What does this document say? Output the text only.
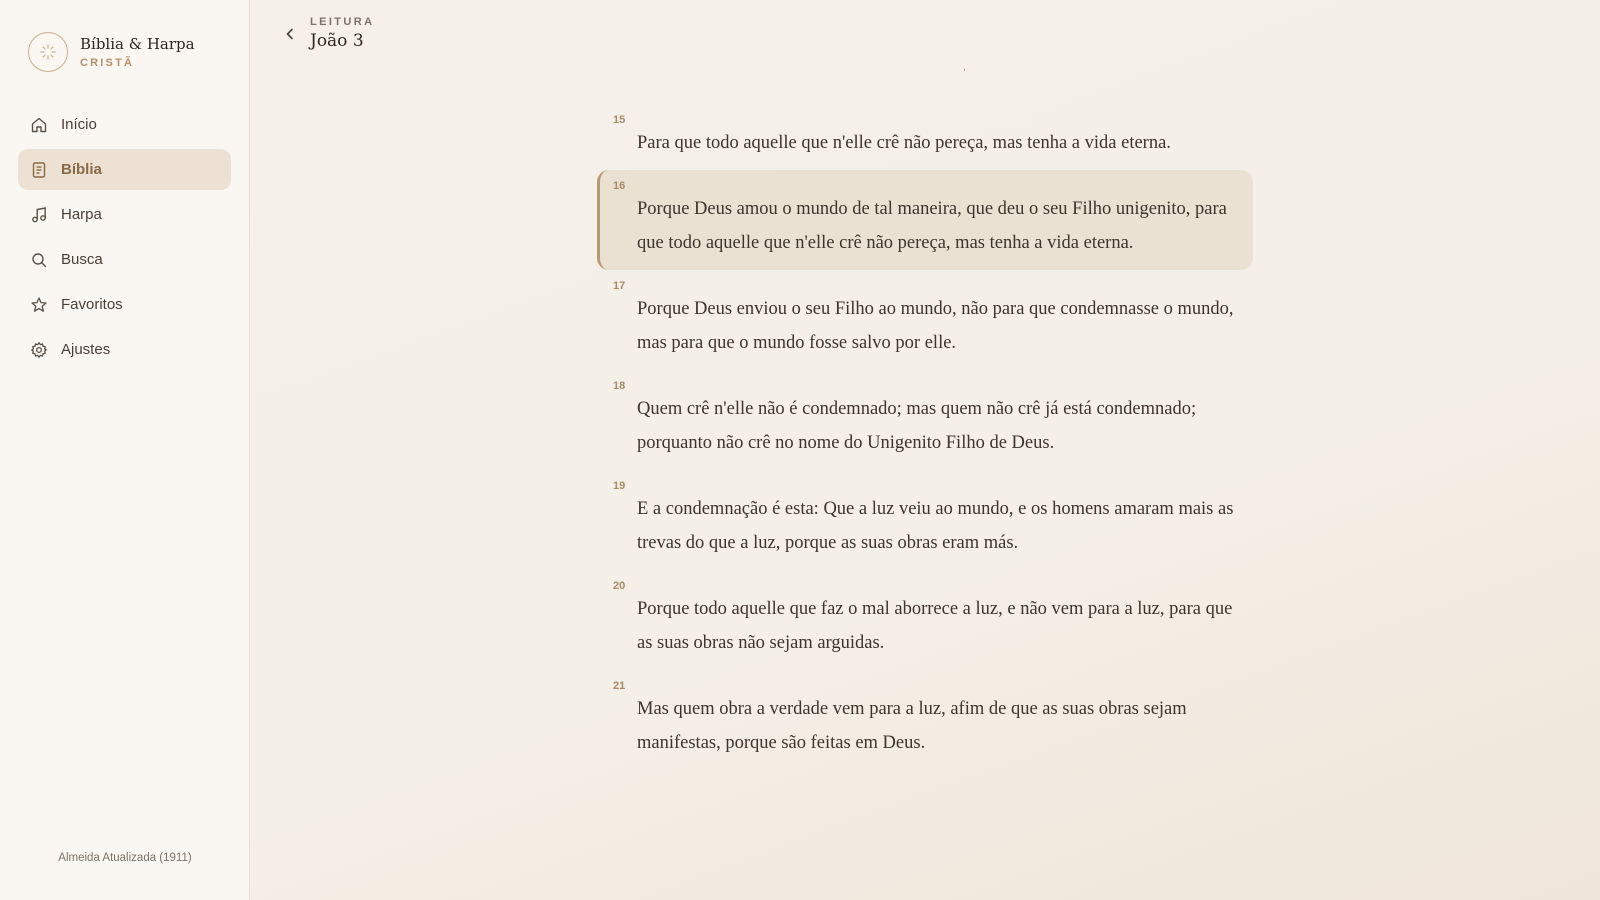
Bíblia & Harpa
CRISTÃ
Início
Bíblia
Harpa
Busca
Favoritos
Ajustes
Almeida Atualizada (1911)
LEITURA
João 3
,
15
Para que todo aquelle que n'elle crê não pereça, mas tenha a vida eterna.
16
Porque Deus amou o mundo de tal maneira, que deu o seu Filho unigenito, para que todo aquelle que n'elle crê não pereça, mas tenha a vida eterna.
17
Porque Deus enviou o seu Filho ao mundo, não para que condemnasse o mundo, mas para que o mundo fosse salvo por elle.
18
Quem crê n'elle não é condemnado; mas quem não crê já está condemnado; porquanto não crê no nome do Unigenito Filho de Deus.
19
E a condemnação é esta: Que a luz veiu ao mundo, e os homens amaram mais as trevas do que a luz, porque as suas obras eram más.
20
Porque todo aquelle que faz o mal aborrece a luz, e não vem para a luz, para que as suas obras não sejam arguidas.
21
Mas quem obra a verdade vem para a luz, afim de que as suas obras sejam manifestas, porque são feitas em Deus.
